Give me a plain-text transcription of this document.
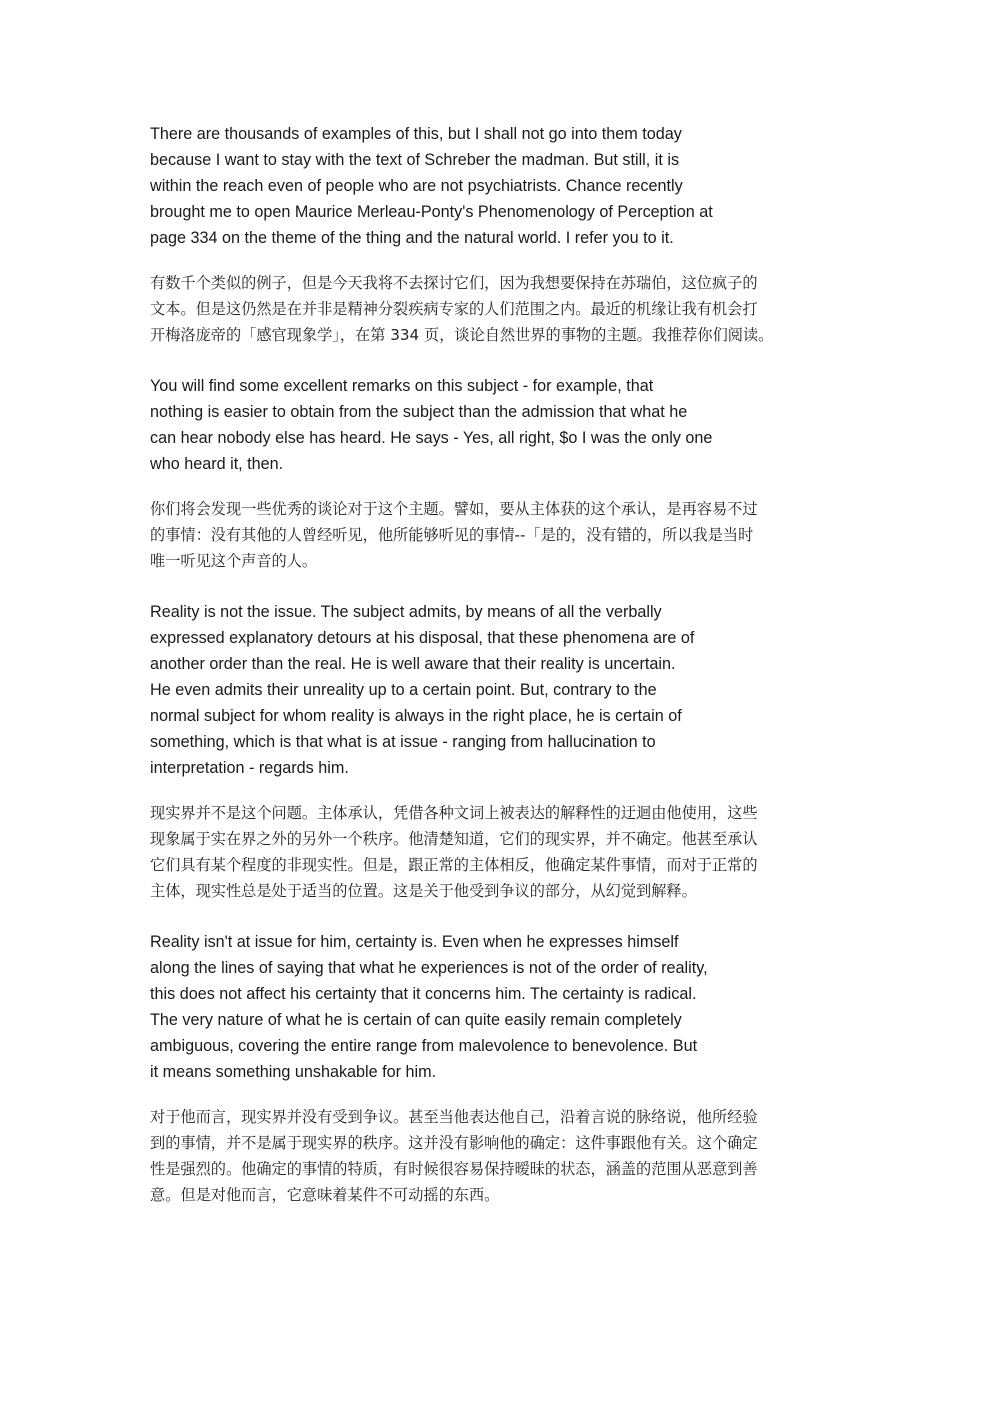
There are thousands of examples of this, but I shall not go into them today
because I want to stay with the text of Schreber the madman. But still, it is
within the reach even of people who are not psychiatrists. Chance recently
brought me to open Maurice Merleau-Ponty's Phenomenology of Perception at
page 334 on the theme of the thing and the natural world. I refer you to it.

有数千个类似的例子，但是今天我将不去探讨它们，因为我想要保持在苏瑞伯，这位疯子的
文本。但是这仍然是在并非是精神分裂疾病专家的人们范围之内。最近的机缘让我有机会打
开梅洛庞帝的「感官现象学」，在第 334 页，谈论自然世界的事物的主题。我推荐你们阅读。

You will find some excellent remarks on this subject - for example, that
nothing is easier to obtain from the subject than the admission that what he
can hear nobody else has heard. He says - Yes, all right, $o I was the only one
who heard it, then.

你们将会发现一些优秀的谈论对于这个主题。譬如，要从主体获的这个承认，是再容易不过
的事情：没有其他的人曾经听见，他所能够听见的事情--「是的，没有错的，所以我是当时
唯一听见这个声音的人。

Reality is not the issue. The subject admits, by means of all the verbally
expressed explanatory detours at his disposal, that these phenomena are of
another order than the real. He is well aware that their reality is uncertain.
He even admits their unreality up to a certain point. But, contrary to the
normal subject for whom reality is always in the right place, he is certain of
something, which is that what is at issue - ranging from hallucination to
interpretation - regards him.

现实界并不是这个问题。主体承认，凭借各种文词上被表达的解释性的迂迴由他使用，这些
现象属于实在界之外的另外一个秩序。他清楚知道，它们的现实界，并不确定。他甚至承认
它们具有某个程度的非现实性。但是，跟正常的主体相反，他确定某件事情，而对于正常的
主体，现实性总是处于适当的位置。这是关于他受到争议的部分，从幻觉到解释。

Reality isn't at issue for him, certainty is. Even when he expresses himself
along the lines of saying that what he experiences is not of the order of reality,
this does not affect his certainty that it concerns him. The certainty is radical.
The very nature of what he is certain of can quite easily remain completely
ambiguous, covering the entire range from malevolence to benevolence. But
it means something unshakable for him.

对于他而言，现实界并没有受到争议。甚至当他表达他自己，沿着言说的脉络说，他所经验
到的事情，并不是属于现实界的秩序。这并没有影响他的确定：这件事跟他有关。这个确定
性是强烈的。他确定的事情的特质，有时候很容易保持暧昧的状态，涵盖的范围从恶意到善
意。但是对他而言，它意味着某件不可动摇的东西。
